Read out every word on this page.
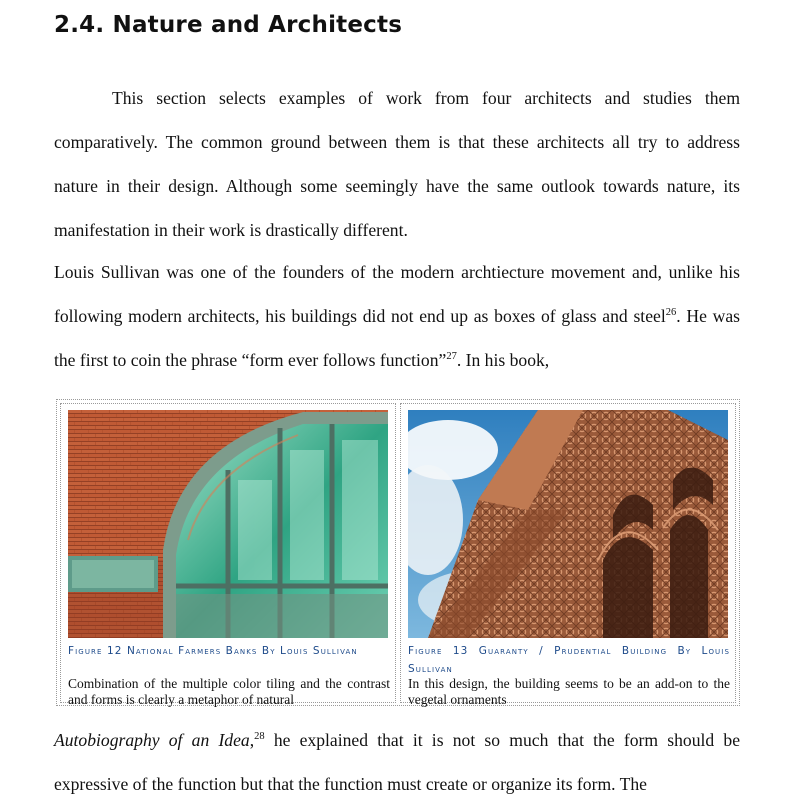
2.4. Nature and Architects

This section selects examples of work from four architects and studies them comparatively. The common ground between them is that these architects all try to address nature in their design. Although some seemingly have the same outlook towards nature, its manifestation in their work is drastically different.

Louis Sullivan was one of the founders of the modern archtiecture movement and, unlike his following modern architects, his buildings did not end up as boxes of glass and steel$^{26}$. He was the first to coin the phrase “form ever follows function”$^{27}$. In his book,

Figure 12 National Farmers Banks By Louis Sullivan
Combination of the multiple color tiling and the contrast and forms is clearly a metaphor of natural
Figure 13 Guaranty / Prudential Building By Louis Sullivan
In this design, the building seems to be an add-on to the vegetal ornaments

Autobiography of an Idea,$^{28}$ he explained that it is not so much that the form should be expressive of the function but that the function must create or organize its form. The
